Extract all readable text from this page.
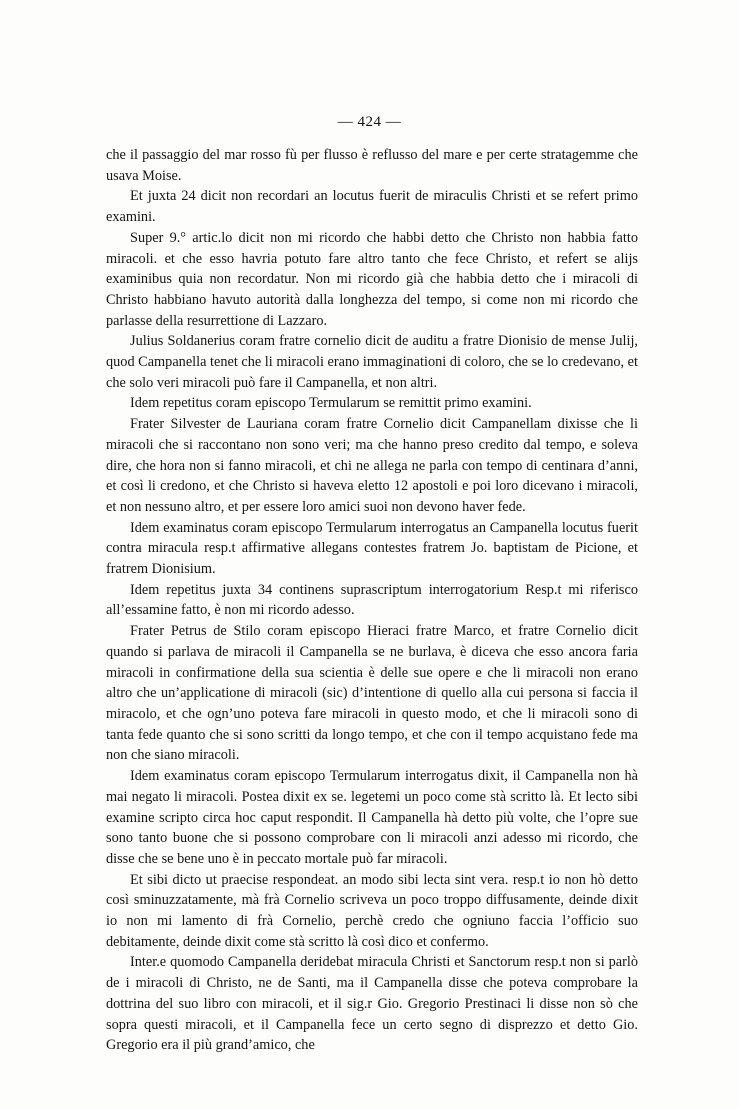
— 424 —

che il passaggio del mar rosso fù per flusso è reflusso del mare e per certe stratagemme che usava Moise.

Et juxta 24 dicit non recordari an locutus fuerit de miraculis Christi et se refert primo examini.

Super 9.° artic.lo dicit non mi ricordo che habbi detto che Christo non habbia fatto miracoli. et che esso havria potuto fare altro tanto che fece Christo, et refert se alijs examinibus quia non recordatur. Non mi ricordo già che habbia detto che i miracoli di Christo habbiano havuto autorità dalla longhezza del tempo, si come non mi ricordo che parlasse della resurrettione di Lazzaro.

Julius Soldanerius coram fratre cornelio dicit de auditu a fratre Dionisio de mense Julij, quod Campanella tenet che li miracoli erano immaginationi di coloro, che se lo credevano, et che solo veri miracoli può fare il Campanella, et non altri.

Idem repetitus coram episcopo Termularum se remittit primo examini.

Frater Silvester de Lauriana coram fratre Cornelio dicit Campanellam dixisse che li miracoli che si raccontano non sono veri; ma che hanno preso credito dal tempo, e soleva dire, che hora non si fanno miracoli, et chi ne allega ne parla con tempo di centinara d’anni, et così li credono, et che Christo si haveva eletto 12 apostoli e poi loro dicevano i miracoli, et non nessuno altro, et per essere loro amici suoi non devono haver fede.

Idem examinatus coram episcopo Termularum interrogatus an Campanella locutus fuerit contra miracula resp.t affirmative allegans contestes fratrem Jo. baptistam de Picione, et fratrem Dionisium.

Idem repetitus juxta 34 continens suprascriptum interrogatorium Resp.t mi riferisco all’essamine fatto, è non mi ricordo adesso.

Frater Petrus de Stilo coram episcopo Hieraci fratre Marco, et fratre Cornelio dicit quando si parlava de miracoli il Campanella se ne burlava, è diceva che esso ancora faria miracoli in confirmatione della sua scientia è delle sue opere e che li miracoli non erano altro che un’applicatione di miracoli (sic) d’intentione di quello alla cui persona si faccia il miracolo, et che ogn’uno poteva fare miracoli in questo modo, et che li miracoli sono di tanta fede quanto che si sono scritti da longo tempo, et che con il tempo acquistano fede ma non che siano miracoli.

Idem examinatus coram episcopo Termularum interrogatus dixit, il Campanella non hà mai negato li miracoli. Postea dixit ex se. legetemi un poco come stà scritto là. Et lecto sibi examine scripto circa hoc caput respondit. Il Campanella hà detto più volte, che l’opre sue sono tanto buone che si possono comprobare con li miracoli anzi adesso mi ricordo, che disse che se bene uno è in peccato mortale può far miracoli.

Et sibi dicto ut praecise respondeat. an modo sibi lecta sint vera. resp.t io non hò detto così sminuzzatamente, mà frà Cornelio scriveva un poco troppo diffusamente, deinde dixit io non mi lamento di frà Cornelio, perchè credo che ogniuno faccia l’officio suo debitamente, deinde dixit come stà scritto là così dico et confermo.

Inter.e quomodo Campanella deridebat miracula Christi et Sanctorum resp.t non si parlò de i miracoli di Christo, ne de Santi, ma il Campanella disse che poteva comprobare la dottrina del suo libro con miracoli, et il sig.r Gio. Gregorio Prestinaci li disse non sò che sopra questi miracoli, et il Campanella fece un certo segno di disprezzo et detto Gio. Gregorio era il più grand’amico, che
